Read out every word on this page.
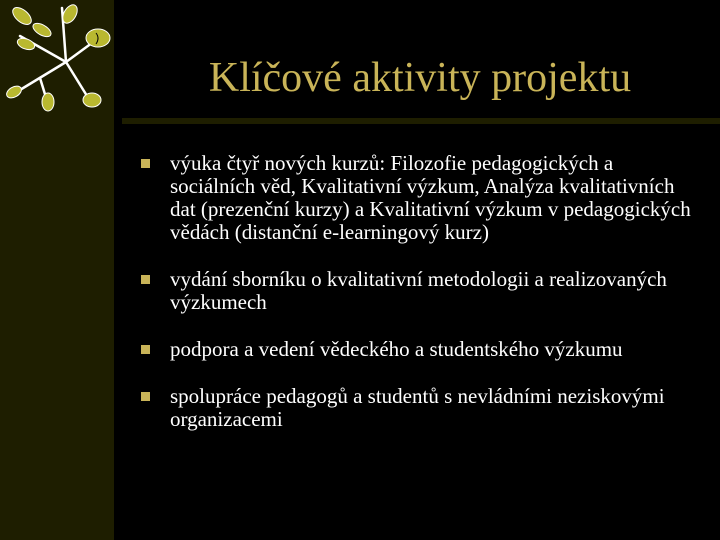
Klíčové aktivity projektu
výuka čtyř nových kurzů: Filozofie pedagogických a sociálních věd, Kvalitativní výzkum, Analýza kvalitativních dat (prezenční kurzy) a Kvalitativní výzkum v pedagogických vědách (distanční e-learningový kurz)
vydání sborníku o kvalitativní metodologii a realizovaných výzkumech
podpora a vedení vědeckého a studentského výzkumu
spolupráce pedagogů a studentů s nevládními neziskovými organizacemi
